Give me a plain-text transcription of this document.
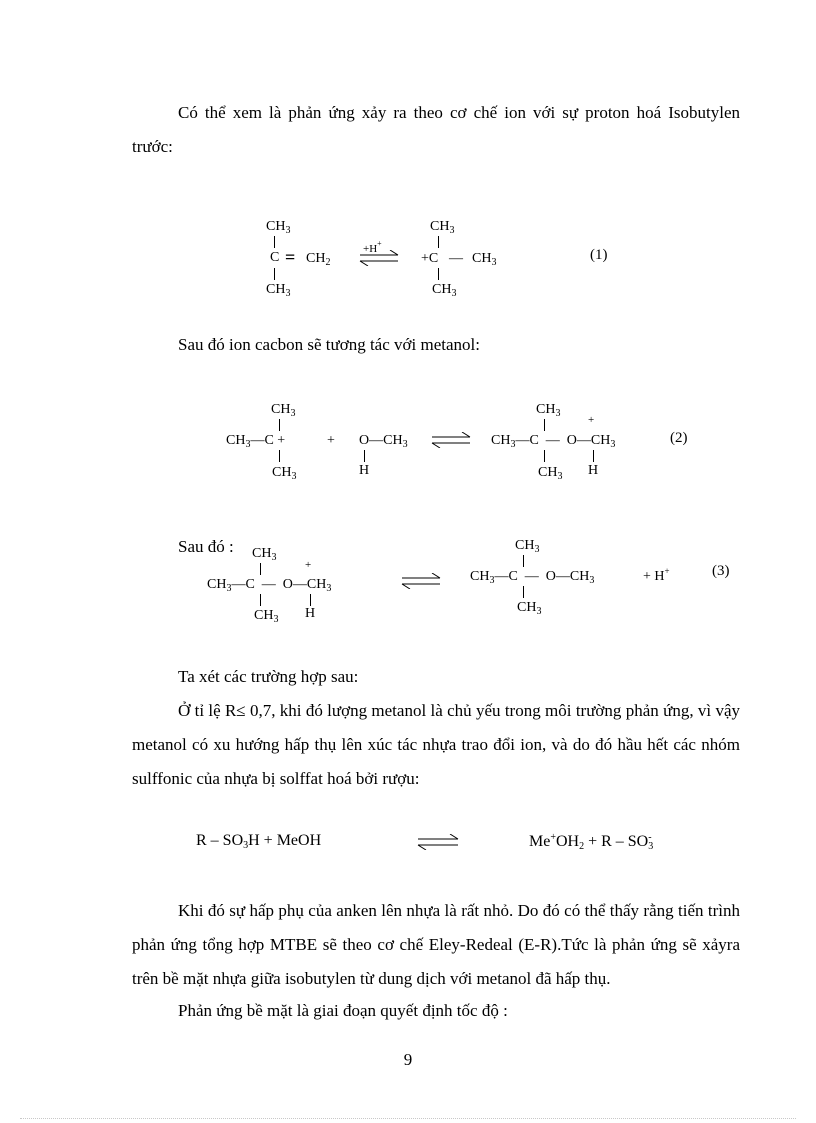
Có thể xem là phản ứng xảy ra theo cơ chế ion với sự proton hoá Isobutylen trước:

$CH_3$
$C = CH_2$
$CH_3$
+H+
$CH_3$
+C — $CH_3$
$CH_3$
(1)

Sau đó ion cacbon sẽ tương tác với metanol:

$CH_3$
$CH_3—C$ +
$CH_3$
+ $O—CH_3$
H
$CH_3$
$CH_3—C$ — $O—CH_3$
+
$CH_3$ H
(2)
Sau đó : $CH_3$
$CH_3—C$ — $O—CH_3$
+
$CH_3$ H
$CH_3$
$CH_3—C$ — $O—CH_3$
$CH_3$
+ H+	(3)

Ta xét các trường hợp sau:

Ở tỉ lệ R≤ 0,7, khi đó lượng metanol là chủ yếu trong môi trường phản ứng, vì vậy metanol có xu hướng hấp thụ lên xúc tác nhựa trao đổi ion, và do đó hầu hết các nhóm sulffonic của nhựa bị solffat hoá bởi rượu:

R – $SO_3H$ + MeOH	$Me^+OH_2 + R - SO_3^-$

Khi đó sự hấp phụ của anken lên nhựa là rất nhỏ. Do đó có thể thấy rằng tiến trình phản ứng tổng hợp MTBE sẽ theo cơ chế Eley-Redeal (E-R).Tức là phản ứng sẽ xảyra trên bề mặt nhựa giữa isobutylen từ dung dịch với metanol đã hấp thụ.

Phản ứng bề mặt là giai đoạn quyết định tốc độ :

9
